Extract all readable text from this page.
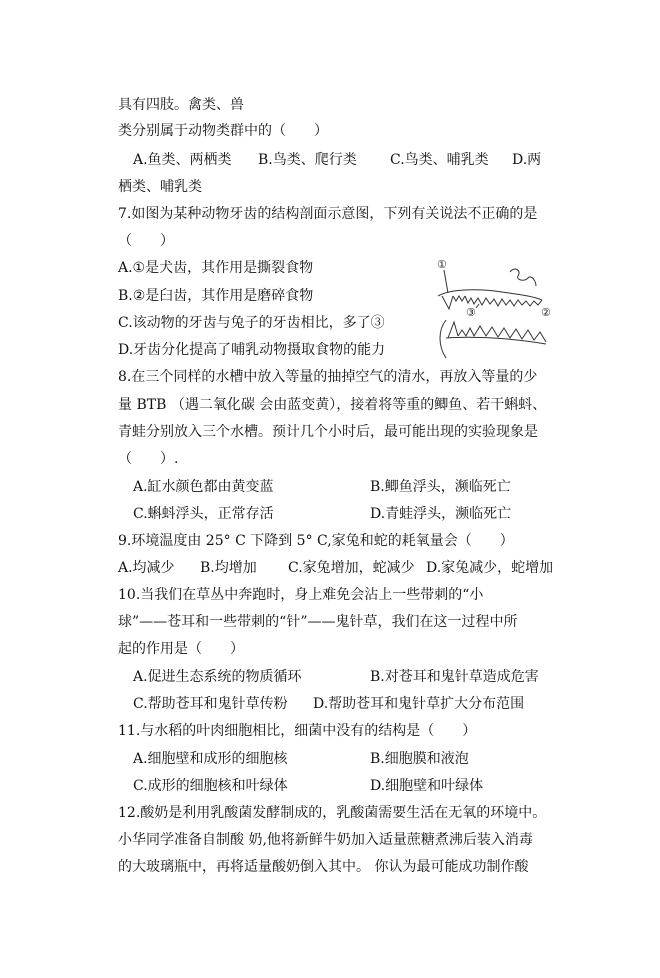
具有四肢。禽类、兽
类分别属于动物类群中的（　　）
A.鱼类、两栖类 B.鸟类、爬行类 C.鸟类、哺乳类 D.两
栖类、哺乳类
7.如图为某种动物牙齿的结构剖面示意图，下列有关说法不正确的是
（　　）
A.①是犬齿，其作用是撕裂食物
B.②是臼齿，其作用是磨碎食物
C.该动物的牙齿与兔子的牙齿相比，多了③
D.牙齿分化提高了哺乳动物摄取食物的能力
①
③	②
8.在三个同样的水槽中放入等量的抽掉空气的清水，再放入等量的少
量 BTB （遇二氧化碳 会由蓝变黄），接着将等重的鲫鱼、若干蝌蚪、
青蛙分别放入三个水槽。预计几个小时后，最可能出现的实验现象是
（　　）.
A.缸水颜色都由黄变蓝	B.鲫鱼浮头，濒临死亡
C.蝌蚪浮头，正常存活	D.青蛙浮头，濒临死亡
9.环境温度由 25° C 下降到 5° C,家兔和蛇的耗氧量会（　　）
A.均减少 B.均增加 C.家兔增加，蛇减少 D.家兔减少，蛇增加
10.当我们在草丛中奔跑时，身上难免会沾上一些带刺的“小
球”——苍耳和一些带刺的“针”——鬼针草，我们在这一过程中所
起的作用是（　　）
A.促进生态系统的物质循环	B.对苍耳和鬼针草造成危害
C.帮助苍耳和鬼针草传粉 D.帮助苍耳和鬼针草扩大分布范围
11.与水稻的叶肉细胞相比，细菌中没有的结构是（　　）
A.细胞壁和成形的细胞核	B.细胞膜和液泡
C.成形的细胞核和叶绿体	D.细胞壁和叶绿体
12.酸奶是利用乳酸菌发酵制成的，乳酸菌需要生活在无氧的环境中。
小华同学准备自制酸 奶,他将新鲜牛奶加入适量蔗糖煮沸后装入消毒
的大玻璃瓶中，再将适量酸奶倒入其中。 你认为最可能成功制作酸
